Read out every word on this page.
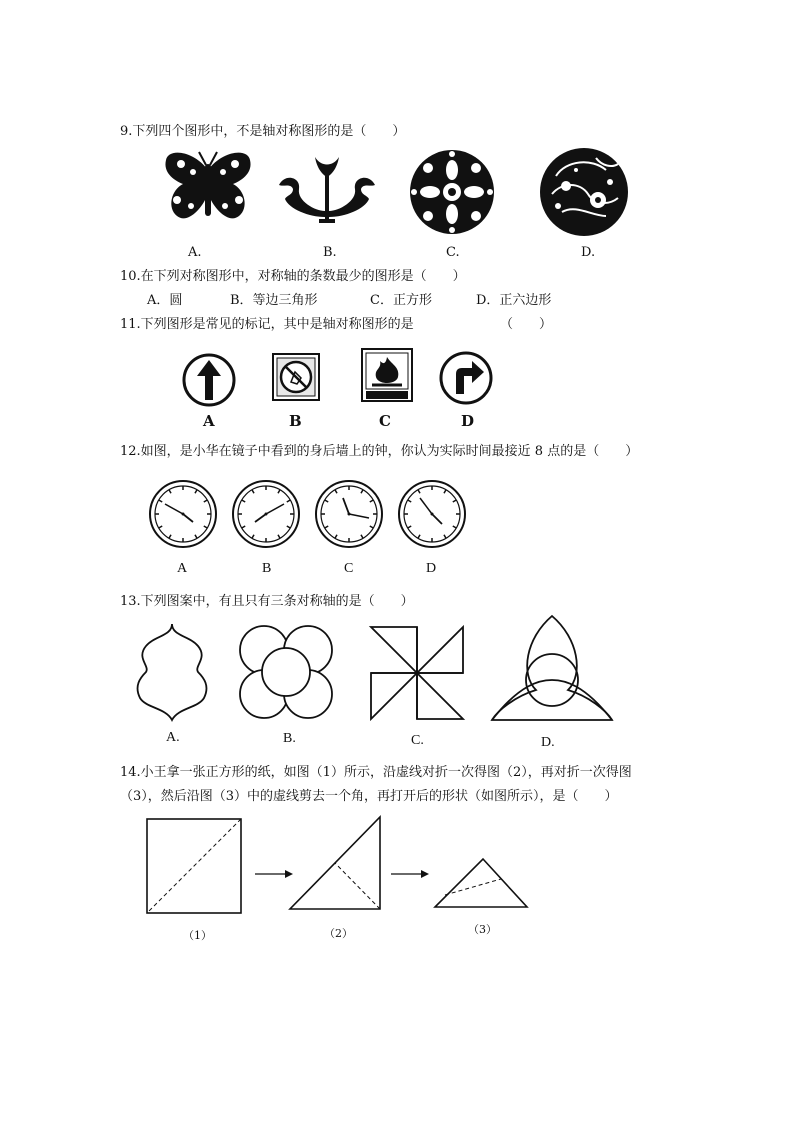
9.下列四个图形中，不是轴对称图形的是（　　）
A.	B.	C.	D.
10.在下列对称图形中，对称轴的条数最少的图形是（　　）
A．圆	B．等边三角形	C．正方形	D．正六边形
11.下列图形是常见的标记，其中是轴对称图形的是	（　　）
A	B	C	D
12.如图，是小华在镜子中看到的身后墙上的钟，你认为实际时间最接近 8 点的是（　　）
A	B	C	D
13.下列图案中，有且只有三条对称轴的是（　　）
A.	B.	C.	D.
14.小王拿一张正方形的纸，如图（1）所示，沿虚线对折一次得图（2），再对折一次得图
（3），然后沿图（3）中的虚线剪去一个角，再打开后的形状（如图所示），是（　　）
（1）	（2）	（3）
